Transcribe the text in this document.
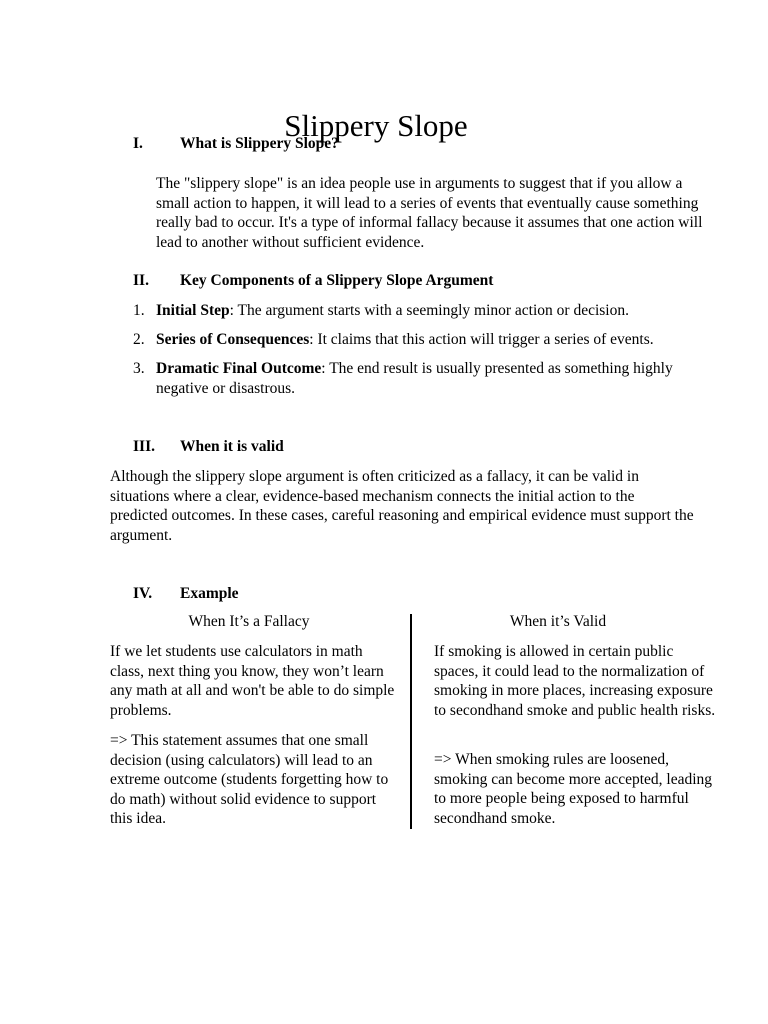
Slippery Slope
I. What is Slippery Slope?

The "slippery slope" is an idea people use in arguments to suggest that if you allow a small action to happen, it will lead to a series of events that eventually cause something really bad to occur. It's a type of informal fallacy because it assumes that one action will lead to another without sufficient evidence.

II. Key Components of a Slippery Slope Argument
1. Initial Step: The argument starts with a seemingly minor action or decision.
2. Series of Consequences: It claims that this action will trigger a series of events.
3. Dramatic Final Outcome: The end result is usually presented as something highly negative or disastrous.
III. When it is valid

Although the slippery slope argument is often criticized as a fallacy, it can be valid in situations where a clear, evidence-based mechanism connects the initial action to the predicted outcomes. In these cases, careful reasoning and empirical evidence must support the argument.

IV. Example
When It’s a Fallacy	When it’s Valid

If we let students use calculators in math class, next thing you know, they won’t learn any math at all and won't be able to do simple problems.

=> This statement assumes that one small decision (using calculators) will lead to an extreme outcome (students forgetting how to do math) without solid evidence to support this idea.

If smoking is allowed in certain public spaces, it could lead to the normalization of smoking in more places, increasing exposure to secondhand smoke and public health risks.

=> When smoking rules are loosened, smoking can become more accepted, leading to more people being exposed to harmful secondhand smoke.
